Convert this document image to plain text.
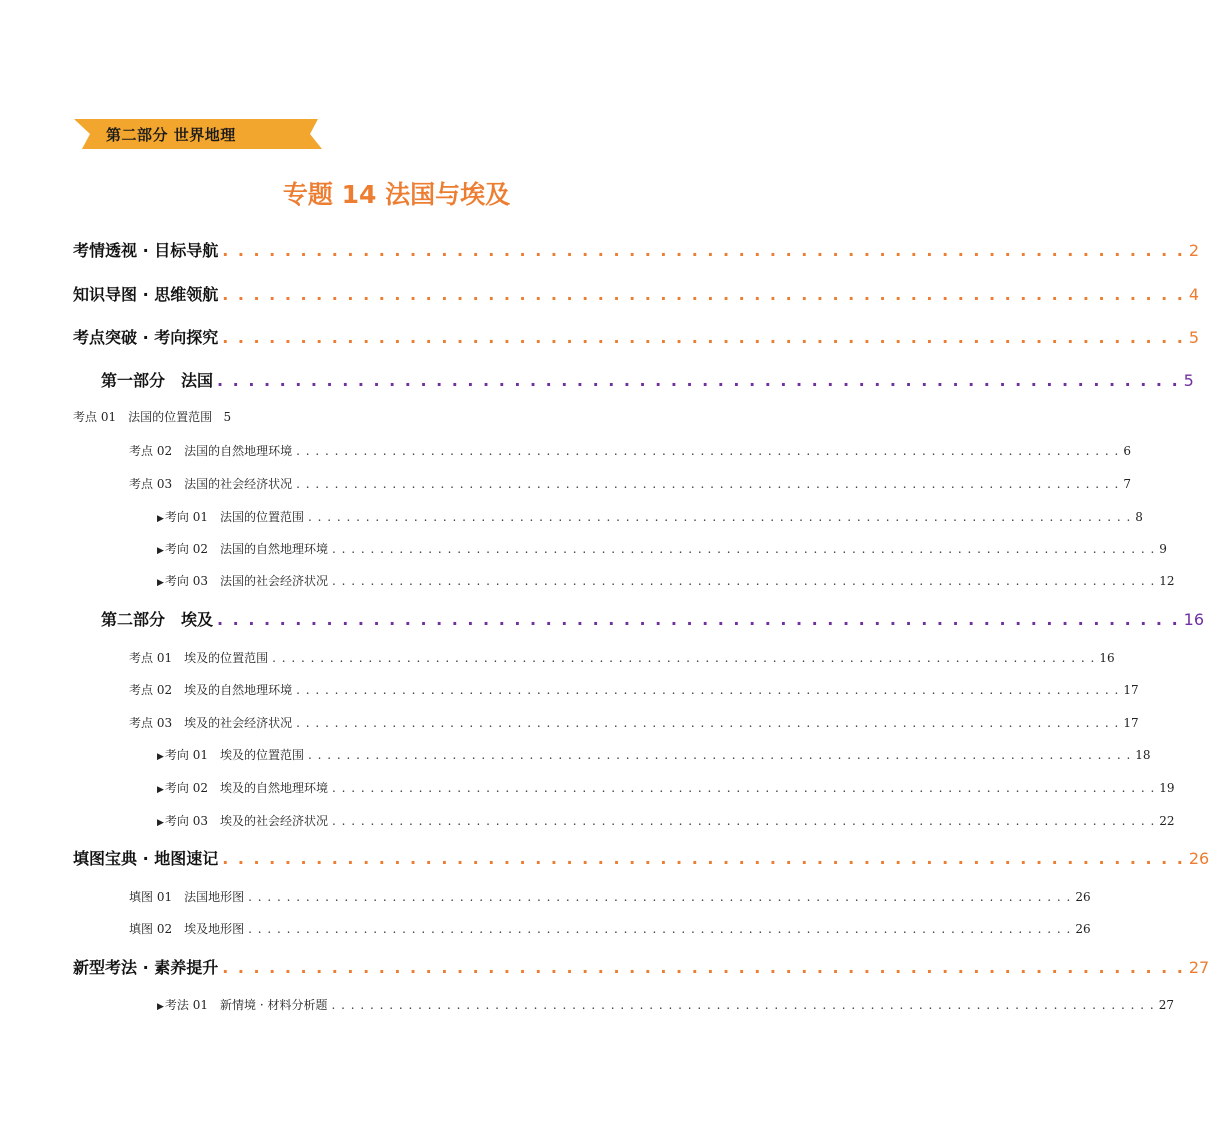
第二部分 世界地理
专题 14 法国与埃及
考情透视 · 目标导航 . . . . . . . . . . . . . . . . . . . . . . . . . . . . . . . . . . . . . . . . . . . . . . . . . . . . . . . . . . . . . . 2
知识导图 · 思维领航 . . . . . . . . . . . . . . . . . . . . . . . . . . . . . . . . . . . . . . . . . . . . . . . . . . . . . . . . . . . . . . 4
考点突破 · 考向探究 . . . . . . . . . . . . . . . . . . . . . . . . . . . . . . . . . . . . . . . . . . . . . . . . . . . . . . . . . . . . . . 5
第一部分　法国 . . . . . . . . . . . . . . . . . . . . . . . . . . . . . . . . . . . . . . . . . . . . . . . . . . . . . . . . . . . . . . 5
考点 01　法国的位置范围 5
考点 02　法国的自然地理环境 . . . . . . . . . . . . . . . . . . . . . . . . . . . . . . . . . . . . . . . . . . . . . . . . . . . . . . . . . . . . . . . . . . . . . . . . . . . . . . . . . . . . . . 6
考点 03　法国的社会经济状况 . . . . . . . . . . . . . . . . . . . . . . . . . . . . . . . . . . . . . . . . . . . . . . . . . . . . . . . . . . . . . . . . . . . . . . . . . . . . . . . . . . . . . . 7
▶ 考向 01　法国的位置范围 . . . . . . . . . . . . . . . . . . . . . . . . . . . . . . . . . . . . . . . . . . . . . . . . . . . . . . . . . . . . . . . . . . . . . . . . . . . . . . . . . . . . . . 8
▶ 考向 02　法国的自然地理环境 . . . . . . . . . . . . . . . . . . . . . . . . . . . . . . . . . . . . . . . . . . . . . . . . . . . . . . . . . . . . . . . . . . . . . . . . . . . . . . . . . . . . . . 9
▶ 考向 03　法国的社会经济状况 . . . . . . . . . . . . . . . . . . . . . . . . . . . . . . . . . . . . . . . . . . . . . . . . . . . . . . . . . . . . . . . . . . . . . . . . . . . . . . . . . . . . . . 12
第二部分　埃及 . . . . . . . . . . . . . . . . . . . . . . . . . . . . . . . . . . . . . . . . . . . . . . . . . . . . . . . . . . . . . . 16
考点 01　埃及的位置范围 . . . . . . . . . . . . . . . . . . . . . . . . . . . . . . . . . . . . . . . . . . . . . . . . . . . . . . . . . . . . . . . . . . . . . . . . . . . . . . . . . . . . . . 16
考点 02　埃及的自然地理环境 . . . . . . . . . . . . . . . . . . . . . . . . . . . . . . . . . . . . . . . . . . . . . . . . . . . . . . . . . . . . . . . . . . . . . . . . . . . . . . . . . . . . . . 17
考点 03　埃及的社会经济状况 . . . . . . . . . . . . . . . . . . . . . . . . . . . . . . . . . . . . . . . . . . . . . . . . . . . . . . . . . . . . . . . . . . . . . . . . . . . . . . . . . . . . . . 17
▶ 考向 01　埃及的位置范围 . . . . . . . . . . . . . . . . . . . . . . . . . . . . . . . . . . . . . . . . . . . . . . . . . . . . . . . . . . . . . . . . . . . . . . . . . . . . . . . . . . . . . . 18
▶ 考向 02　埃及的自然地理环境 . . . . . . . . . . . . . . . . . . . . . . . . . . . . . . . . . . . . . . . . . . . . . . . . . . . . . . . . . . . . . . . . . . . . . . . . . . . . . . . . . . . . . . 19
▶ 考向 03　埃及的社会经济状况 . . . . . . . . . . . . . . . . . . . . . . . . . . . . . . . . . . . . . . . . . . . . . . . . . . . . . . . . . . . . . . . . . . . . . . . . . . . . . . . . . . . . . . 22
填图宝典 · 地图速记 . . . . . . . . . . . . . . . . . . . . . . . . . . . . . . . . . . . . . . . . . . . . . . . . . . . . . . . . . . . . . . 26
填图 01　法国地形图 . . . . . . . . . . . . . . . . . . . . . . . . . . . . . . . . . . . . . . . . . . . . . . . . . . . . . . . . . . . . . . . . . . . . . . . . . . . . . . . . . . . . . . 26
填图 02　埃及地形图 . . . . . . . . . . . . . . . . . . . . . . . . . . . . . . . . . . . . . . . . . . . . . . . . . . . . . . . . . . . . . . . . . . . . . . . . . . . . . . . . . . . . . . 26
新型考法 · 素养提升 . . . . . . . . . . . . . . . . . . . . . . . . . . . . . . . . . . . . . . . . . . . . . . . . . . . . . . . . . . . . . . 27
▶ 考法 01　新情境 · 材料分析题 . . . . . . . . . . . . . . . . . . . . . . . . . . . . . . . . . . . . . . . . . . . . . . . . . . . . . . . . . . . . . . . . . . . . . . . . . . . . . . . . . . . . . . 27
